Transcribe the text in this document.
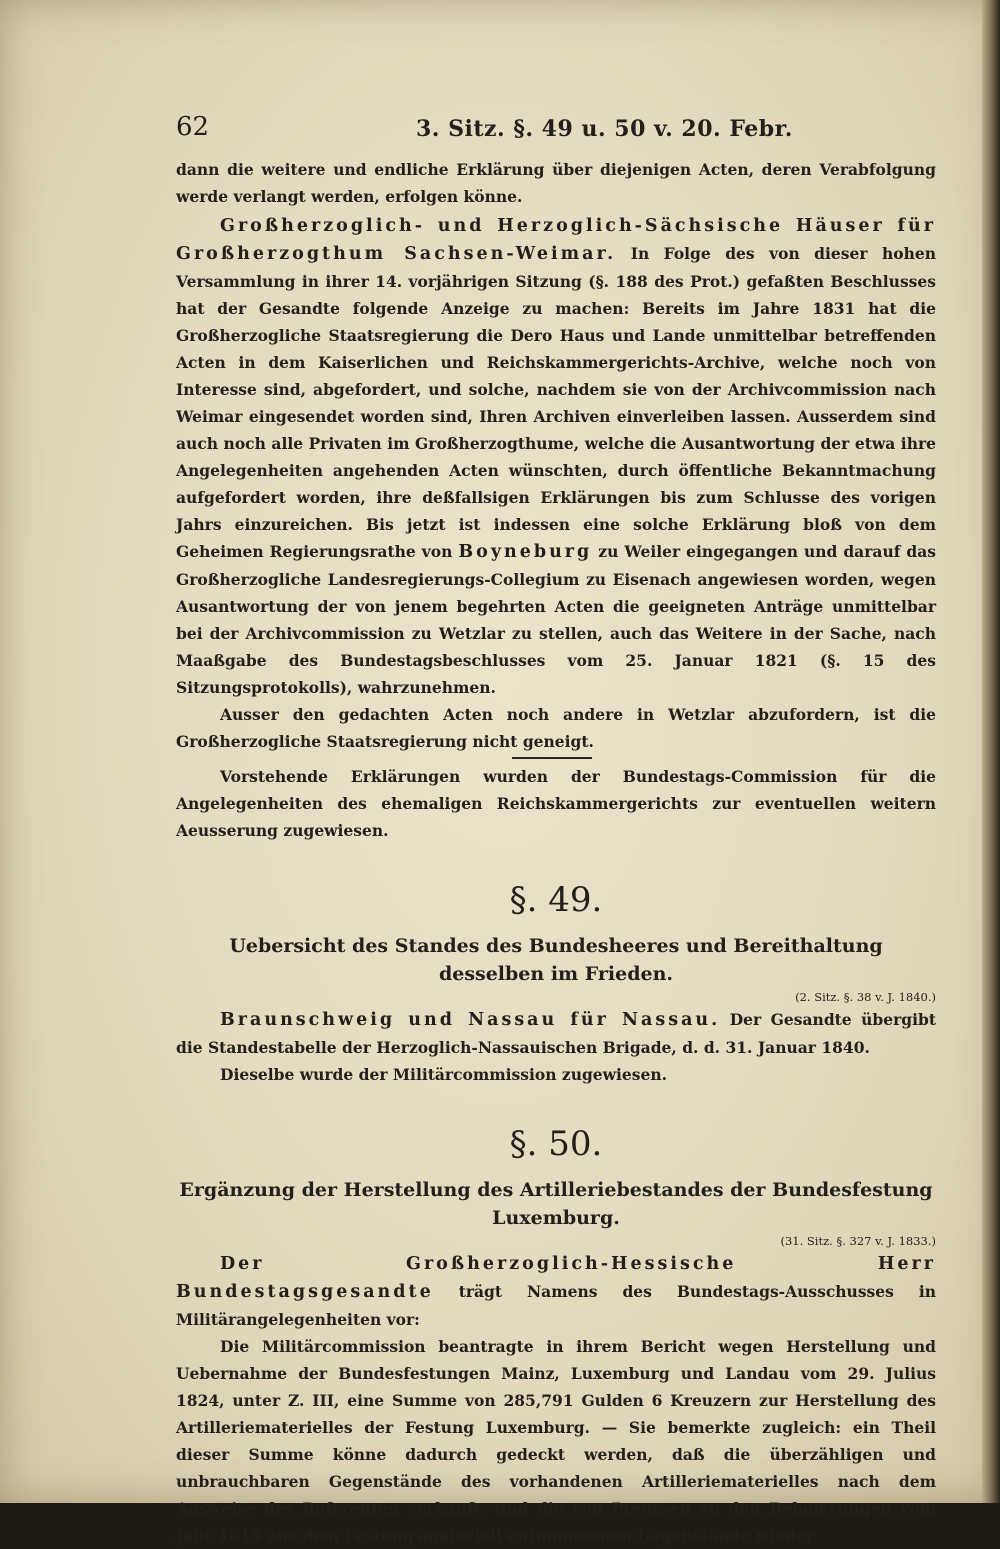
62	3. Sitz. §. 49 u. 50 v. 20. Febr.

dann die weitere und endliche Erklärung über diejenigen Acten, deren Verabfolgung werde verlangt werden, erfolgen könne.

Großherzoglich- und Herzoglich-Sächsische Häuser für Großherzogthum Sachsen-Weimar. In Folge des von dieser hohen Versammlung in ihrer 14. vorjährigen Sitzung (§. 188 des Prot.) gefaßten Beschlusses hat der Gesandte folgende Anzeige zu machen: Bereits im Jahre 1831 hat die Großherzogliche Staatsregierung die Dero Haus und Lande unmittelbar betreffenden Acten in dem Kaiserlichen und Reichskammergerichts-Archive, welche noch von Interesse sind, abgefordert, und solche, nachdem sie von der Archivcommission nach Weimar eingesendet worden sind, Ihren Archiven einverleiben lassen. Ausserdem sind auch noch alle Privaten im Großherzogthume, welche die Ausantwortung der etwa ihre Angelegenheiten angehenden Acten wünschten, durch öffentliche Bekanntmachung aufgefordert worden, ihre deßfallsigen Erklärungen bis zum Schlusse des vorigen Jahrs einzureichen. Bis jetzt ist indessen eine solche Erklärung bloß von dem Geheimen Regierungsrathe von Boyneburg zu Weiler eingegangen und darauf das Großherzogliche Landesregierungs-Collegium zu Eisenach angewiesen worden, wegen Ausantwortung der von jenem begehrten Acten die geeigneten Anträge unmittelbar bei der Archivcommission zu Wetzlar zu stellen, auch das Weitere in der Sache, nach Maaßgabe des Bundestagsbeschlusses vom 25. Januar 1821 (§. 15 des Sitzungsprotokolls), wahrzunehmen.

Ausser den gedachten Acten noch andere in Wetzlar abzufordern, ist die Großherzogliche Staatsregierung nicht geneigt.

Vorstehende Erklärungen wurden der Bundestags-Commission für die Angelegenheiten des ehemaligen Reichskammergerichts zur eventuellen weitern Aeusserung zugewiesen.

§. 49.

Uebersicht des Standes des Bundesheeres und Bereithaltung desselben im Frieden.

(2. Sitz. §. 38 v. J. 1840.)

Braunschweig und Nassau für Nassau. Der Gesandte übergibt die Standestabelle der Herzoglich-Nassauischen Brigade, d. d. 31. Januar 1840.

Dieselbe wurde der Militärcommission zugewiesen.

§. 50.

Ergänzung der Herstellung des Artilleriebestandes der Bundesfestung Luxemburg.

(31. Sitz. §. 327 v. J. 1833.)

Der Großherzoglich-Hessische Herr Bundestagsgesandte trägt Namens des Bundestags-Ausschusses in Militärangelegenheiten vor:

Die Militärcommission beantragte in ihrem Bericht wegen Herstellung und Uebernahme der Bundesfestungen Mainz, Luxemburg und Landau vom 29. Julius 1824, unter Z. III, eine Summe von 285,791 Gulden 6 Kreuzern zur Herstellung des Artilleriematerielles der Festung Luxemburg. — Sie bemerkte zugleich: ein Theil dieser Summe könne dadurch gedeckt werden, daß die überzähligen und unbrauchbaren Gegenstände des vorhandenen Artilleriematerielles nach dem Ausweise des Referenten verkauft, und die von Preussen zu den Belagerungen vom Jahr 1815 aus dem Festungsmateriell entnommenen Gegenstände wieder
